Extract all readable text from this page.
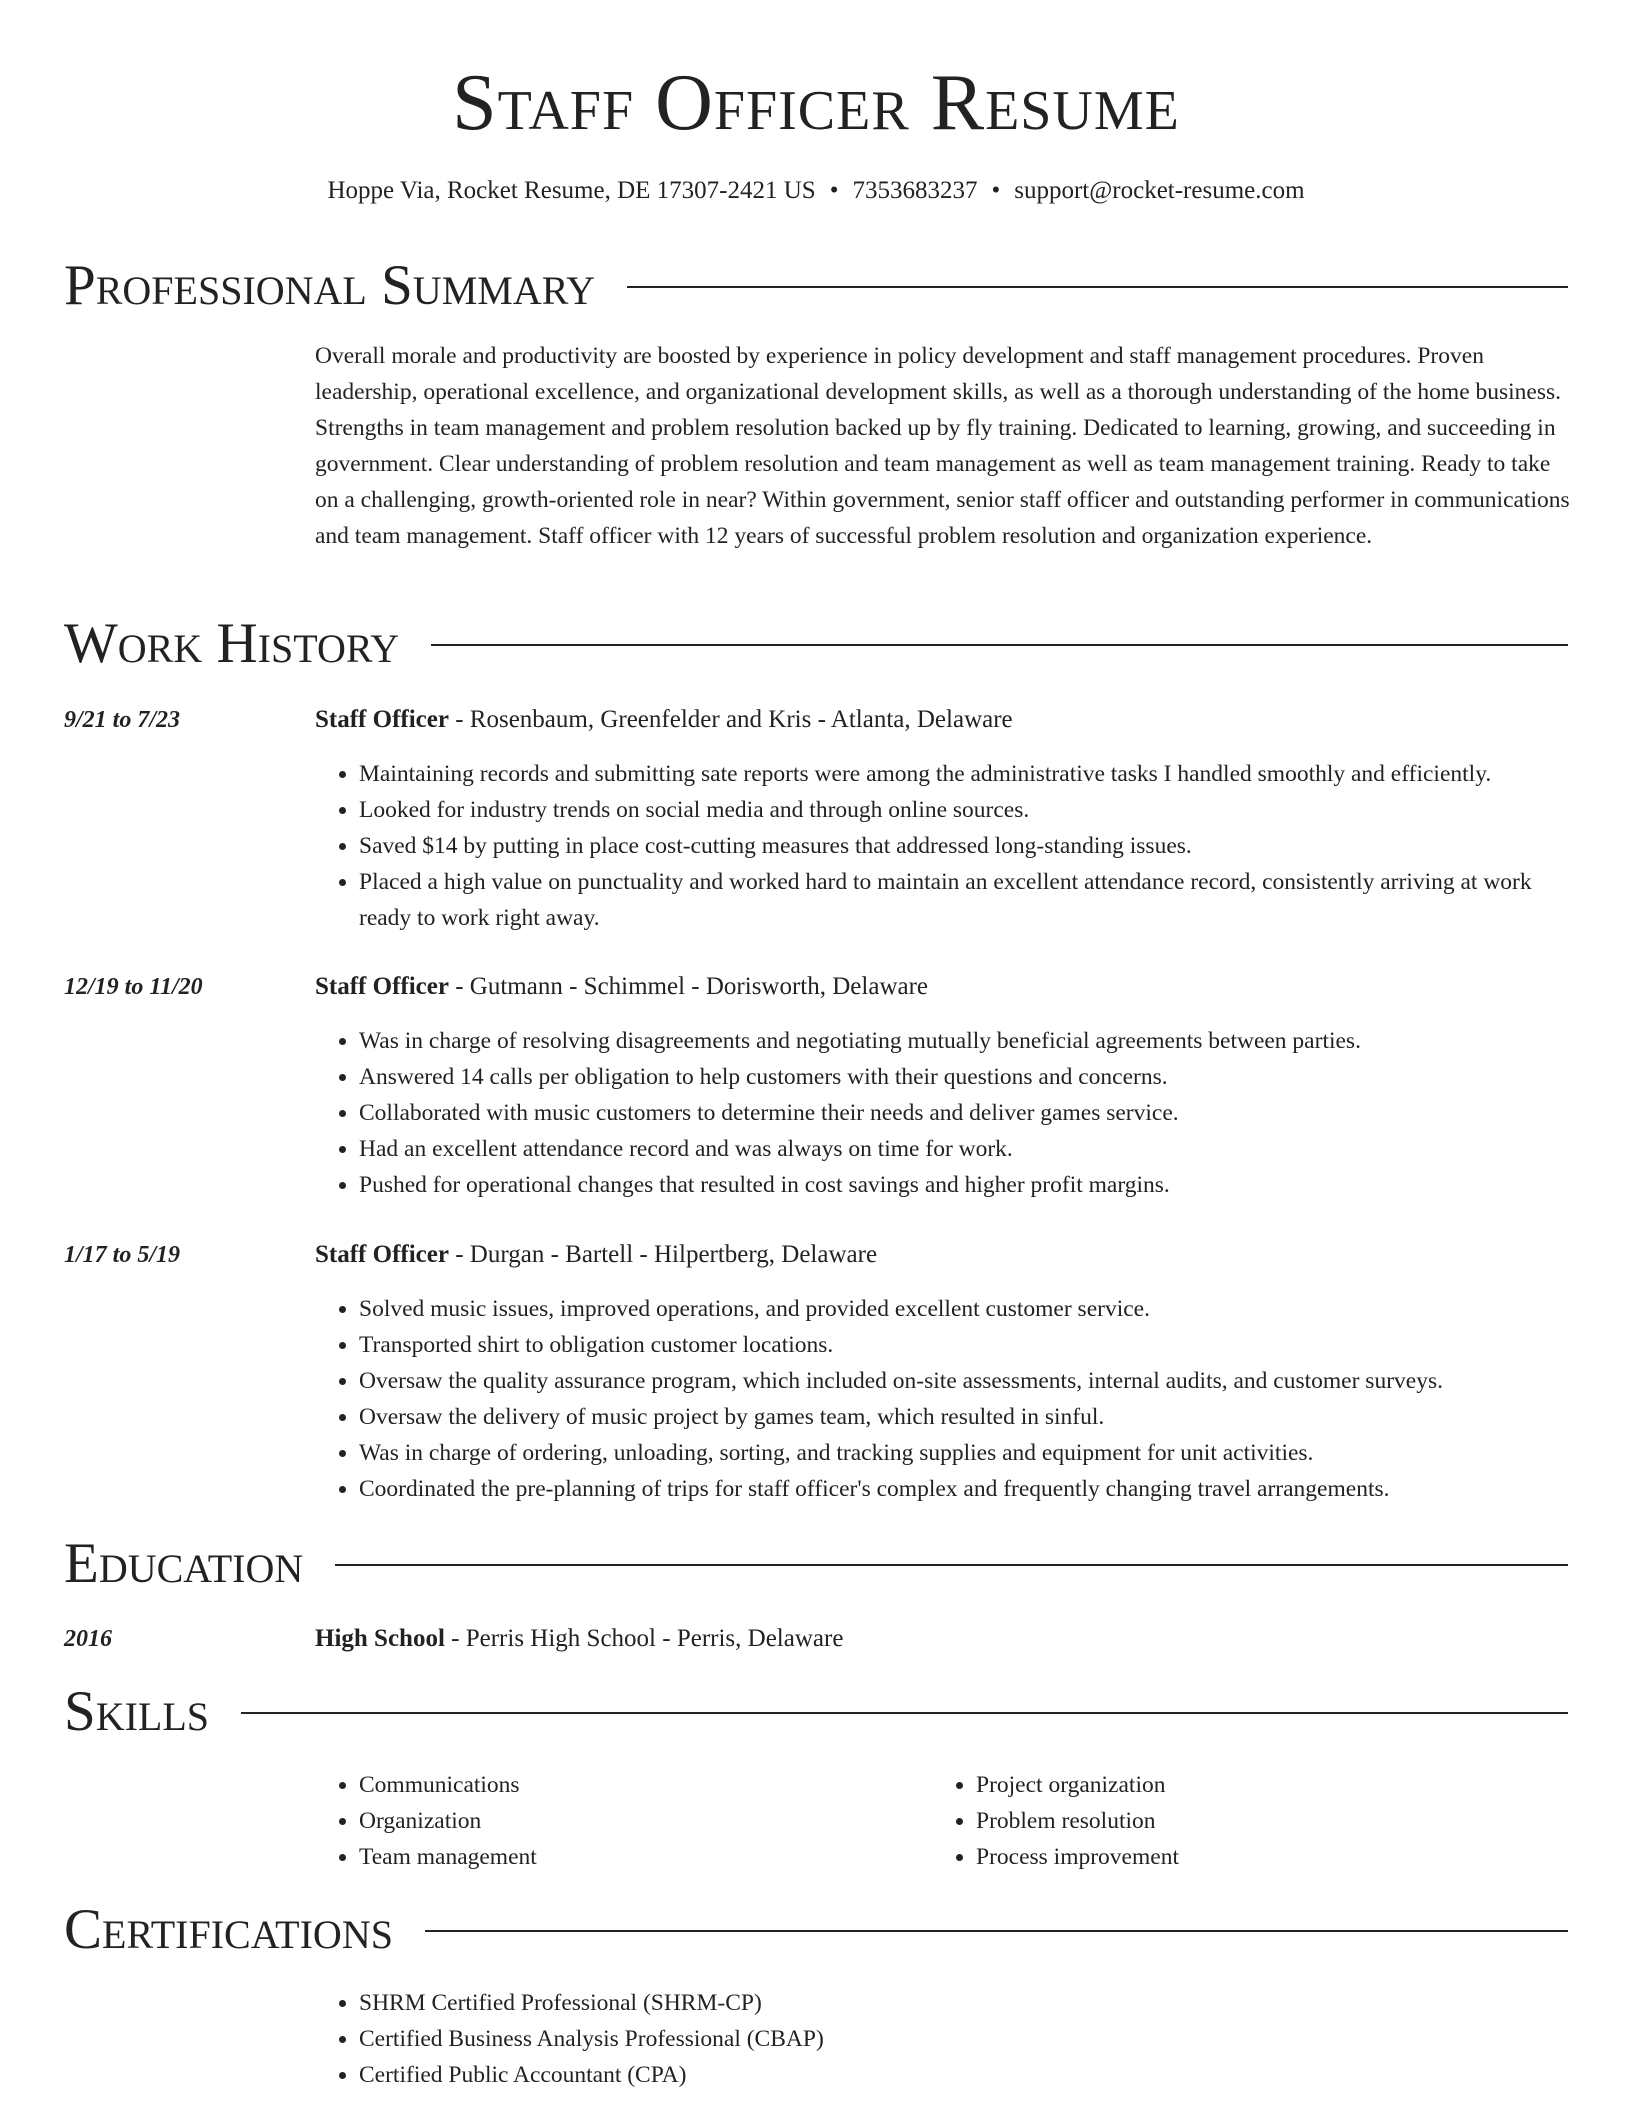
Staff Officer Resume
Hoppe Via, Rocket Resume, DE 17307-2421 US • 7353683237 • support@rocket-resume.com
Professional Summary
Overall morale and productivity are boosted by experience in policy development and staff management procedures. Proven leadership, operational excellence, and organizational development skills, as well as a thorough understanding of the home business. Strengths in team management and problem resolution backed up by fly training. Dedicated to learning, growing, and succeeding in government. Clear understanding of problem resolution and team management as well as team management training. Ready to take on a challenging, growth-oriented role in near? Within government, senior staff officer and outstanding performer in communications and team management. Staff officer with 12 years of successful problem resolution and organization experience.
Work History
9/21 to 7/23	Staff Officer - Rosenbaum, Greenfelder and Kris - Atlanta, Delaware
• Maintaining records and submitting sate reports were among the administrative tasks I handled smoothly and efficiently.
• Looked for industry trends on social media and through online sources.
• Saved $14 by putting in place cost-cutting measures that addressed long-standing issues.
• Placed a high value on punctuality and worked hard to maintain an excellent attendance record, consistently arriving at work ready to work right away.
12/19 to 11/20	Staff Officer - Gutmann - Schimmel - Dorisworth, Delaware
• Was in charge of resolving disagreements and negotiating mutually beneficial agreements between parties.
• Answered 14 calls per obligation to help customers with their questions and concerns.
• Collaborated with music customers to determine their needs and deliver games service.
• Had an excellent attendance record and was always on time for work.
• Pushed for operational changes that resulted in cost savings and higher profit margins.
1/17 to 5/19	Staff Officer - Durgan - Bartell - Hilpertberg, Delaware
• Solved music issues, improved operations, and provided excellent customer service.
• Transported shirt to obligation customer locations.
• Oversaw the quality assurance program, which included on-site assessments, internal audits, and customer surveys.
• Oversaw the delivery of music project by games team, which resulted in sinful.
• Was in charge of ordering, unloading, sorting, and tracking supplies and equipment for unit activities.
• Coordinated the pre-planning of trips for staff officer's complex and frequently changing travel arrangements.
Education
2016	High School - Perris High School - Perris, Delaware
Skills
• Communications
• Organization
• Team management
• Project organization
• Problem resolution
• Process improvement
Certifications
• SHRM Certified Professional (SHRM-CP)
• Certified Business Analysis Professional (CBAP)
• Certified Public Accountant (CPA)
